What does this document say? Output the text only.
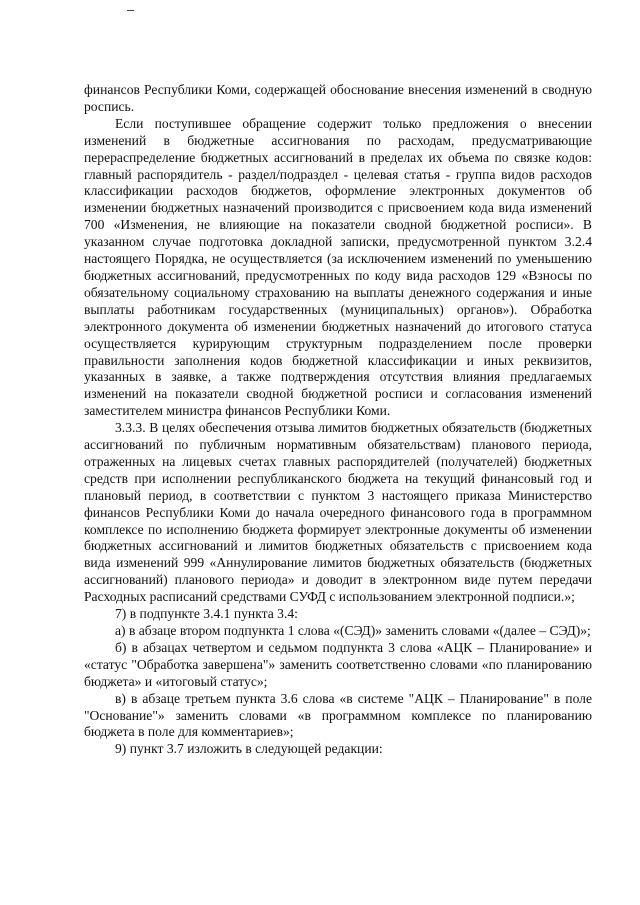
финансов Республики Коми, содержащей обоснование внесения изменений в сводную роспись.

Если поступившее обращение содержит только предложения о внесении изменений в бюджетные ассигнования по расходам, предусматривающие перераспределение бюджетных ассигнований в пределах их объема по связке кодов: главный распорядитель - раздел/подраздел - целевая статья - группа видов расходов классификации расходов бюджетов, оформление электронных документов об изменении бюджетных назначений производится с присвоением кода вида изменений 700 «Изменения, не влияющие на показатели сводной бюджетной росписи». В указанном случае подготовка докладной записки, предусмотренной пунктом 3.2.4 настоящего Порядка, не осуществляется (за исключением изменений по уменьшению бюджетных ассигнований, предусмотренных по коду вида расходов 129 «Взносы по обязательному социальному страхованию на выплаты денежного содержания и иные выплаты работникам государственных (муниципальных) органов»). Обработка электронного документа об изменении бюджетных назначений до итогового статуса осуществляется курирующим структурным подразделением после проверки правильности заполнения кодов бюджетной классификации и иных реквизитов, указанных в заявке, а также подтверждения отсутствия влияния предлагаемых изменений на показатели сводной бюджетной росписи и согласования изменений заместителем министра финансов Республики Коми.

3.3.3. В целях обеспечения отзыва лимитов бюджетных обязательств (бюджетных ассигнований по публичным нормативным обязательствам) планового периода, отраженных на лицевых счетах главных распорядителей (получателей) бюджетных средств при исполнении республиканского бюджета на текущий финансовый год и плановый период, в соответствии с пунктом 3 настоящего приказа Министерство финансов Республики Коми до начала очередного финансового года в программном комплексе по исполнению бюджета формирует электронные документы об изменении бюджетных ассигнований и лимитов бюджетных обязательств с присвоением кода вида изменений 999 «Аннулирование лимитов бюджетных обязательств (бюджетных ассигнований) планового периода» и доводит в электронном виде путем передачи Расходных расписаний средствами СУФД с использованием электронной подписи.»;

7) в подпункте 3.4.1 пункта 3.4:

а) в абзаце втором подпункта 1 слова «(СЭД)» заменить словами «(далее – СЭД)»;

б) в абзацах четвертом и седьмом подпункта 3 слова «АЦК – Планирование» и «статус "Обработка завершена"» заменить соответственно словами «по планированию бюджета» и «итоговый статус»;

в) в абзаце третьем пункта 3.6 слова «в системе "АЦК – Планирование" в поле "Основание"» заменить словами «в программном комплексе по планированию бюджета в поле для комментариев»;

9) пункт 3.7 изложить в следующей редакции:
